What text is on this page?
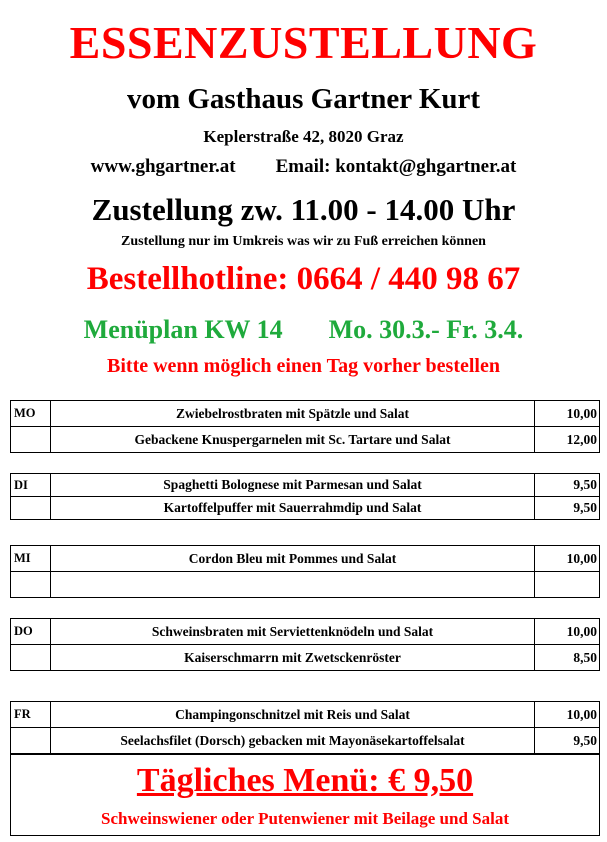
ESSENZUSTELLUNG
vom Gasthaus Gartner Kurt
Keplerstraße 42, 8020 Graz
www.ghgartner.at Email: kontakt@ghgartner.at
Zustellung zw. 11.00 - 14.00 Uhr
Zustellung nur im Umkreis was wir zu Fuß erreichen können
Bestellhotline: 0664 / 440 98 67
Menüplan KW 14 Mo. 30.3.- Fr. 3.4.
Bitte wenn möglich einen Tag vorher bestellen
MO	Zwiebelrostbraten mit Spätzle und Salat	10,00
	Gebackene Knuspergarnelen mit Sc. Tartare und Salat	12,00
DI	Spaghetti Bolognese mit Parmesan und Salat	9,50
	Kartoffelpuffer mit Sauerrahmdip und Salat	9,50
MI	Cordon Bleu mit Pommes und Salat	10,00

DO	Schweinsbraten mit Serviettenknödeln und Salat	10,00
	Kaiserschmarrn mit Zwetsckenröster	8,50
FR	Champingonschnitzel mit Reis und Salat	10,00
	Seelachsfilet (Dorsch) gebacken mit Mayonäsekartoffelsalat	9,50
Tägliches Menü: € 9,50
Schweinswiener oder Putenwiener mit Beilage und Salat
